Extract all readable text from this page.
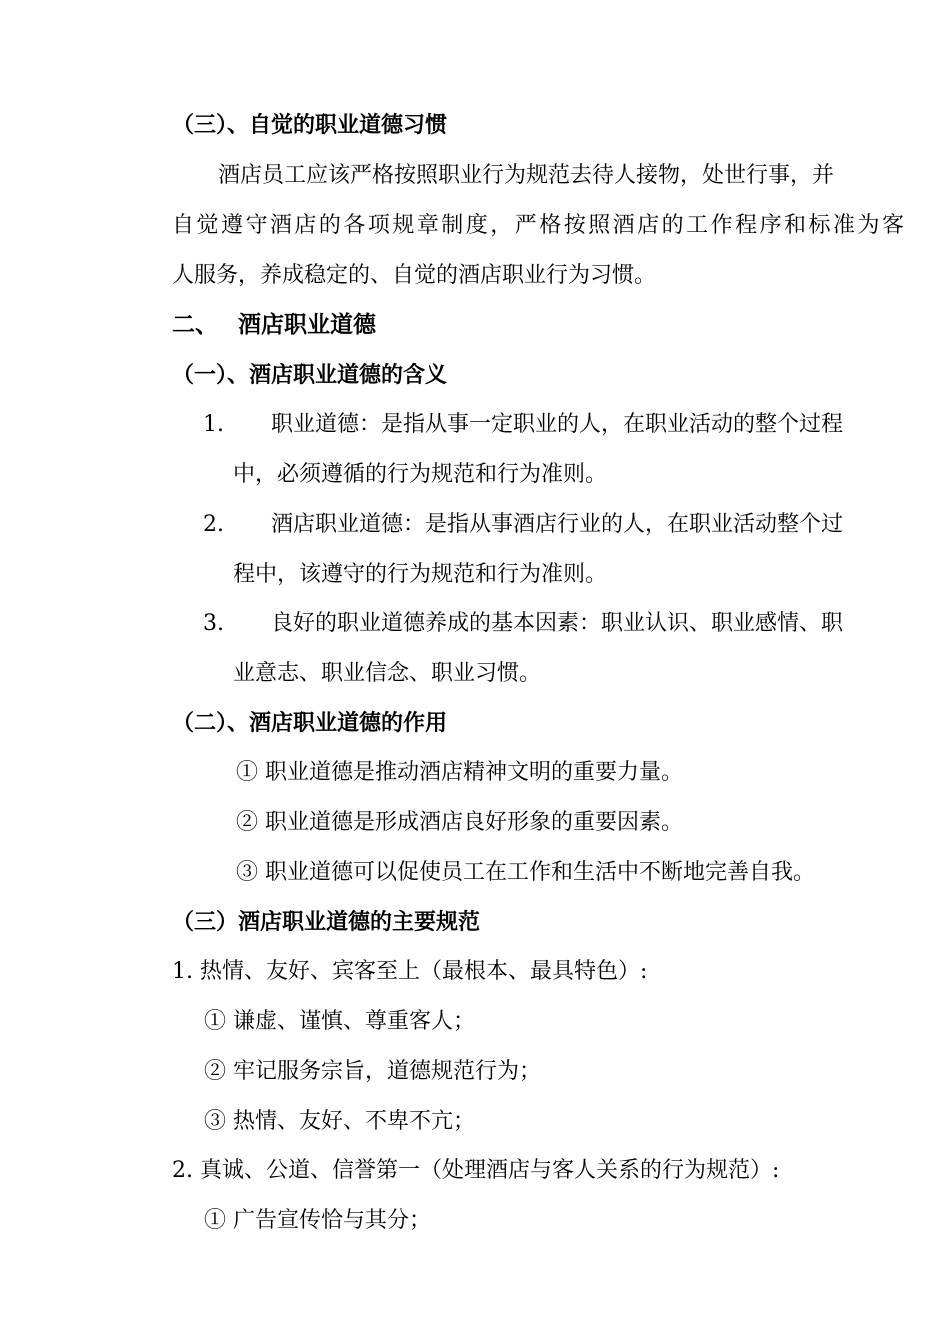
（三）、自觉的职业道德习惯
酒店员工应该严格按照职业行为规范去待人接物，处世行事，并
自觉遵守酒店的各项规章制度，严格按照酒店的工作程序和标准为客
人服务，养成稳定的、自觉的酒店职业行为习惯。
二、 酒店职业道德
（一）、酒店职业道德的含义
1. 职业道德：是指从事一定职业的人，在职业活动的整个过程
中，必须遵循的行为规范和行为准则。
2. 酒店职业道德：是指从事酒店行业的人，在职业活动整个过
程中，该遵守的行为规范和行为准则。
3. 良好的职业道德养成的基本因素：职业认识、职业感情、职
业意志、职业信念、职业习惯。
（二）、酒店职业道德的作用
① 职业道德是推动酒店精神文明的重要力量。
② 职业道德是形成酒店良好形象的重要因素。
③ 职业道德可以促使员工在工作和生活中不断地完善自我。
（三）酒店职业道德的主要规范
1. 热情、友好、宾客至上（最根本、最具特色）:
① 谦虚、谨慎、尊重客人；
② 牢记服务宗旨，道德规范行为；
③ 热情、友好、不卑不亢；
2. 真诚、公道、信誉第一（处理酒店与客人关系的行为规范）:
① 广告宣传恰与其分；
